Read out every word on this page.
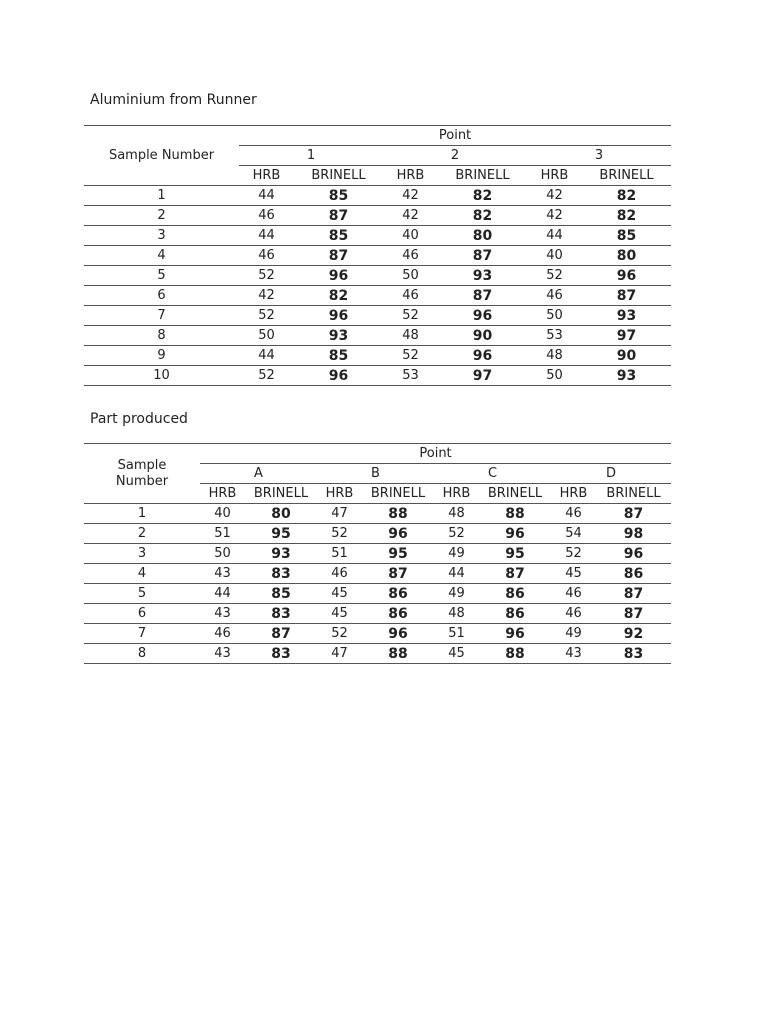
Aluminium from Runner
Sample Number	Point					
	1		2		3	
	HRB	BRINELL	HRB	BRINELL	HRB	BRINELL
1	44	85	42	82	42	82
2	46	87	42	82	42	82
3	44	85	40	80	44	85
4	46	87	46	87	40	80
5	52	96	50	93	52	96
6	42	82	46	87	46	87
7	52	96	52	96	50	93
8	50	93	48	90	53	97
9	44	85	52	96	48	90
10	52	96	53	97	50	93
Part produced
Sample
Number	Point							
	A		B		C		D	
	HRB	BRINELL	HRB	BRINELL	HRB	BRINELL	HRB	BRINELL
1	40	80	47	88	48	88	46	87
2	51	95	52	96	52	96	54	98
3	50	93	51	95	49	95	52	96
4	43	83	46	87	44	87	45	86
5	44	85	45	86	49	86	46	87
6	43	83	45	86	48	86	46	87
7	46	87	52	96	51	96	49	92
8	43	83	47	88	45	88	43	83
